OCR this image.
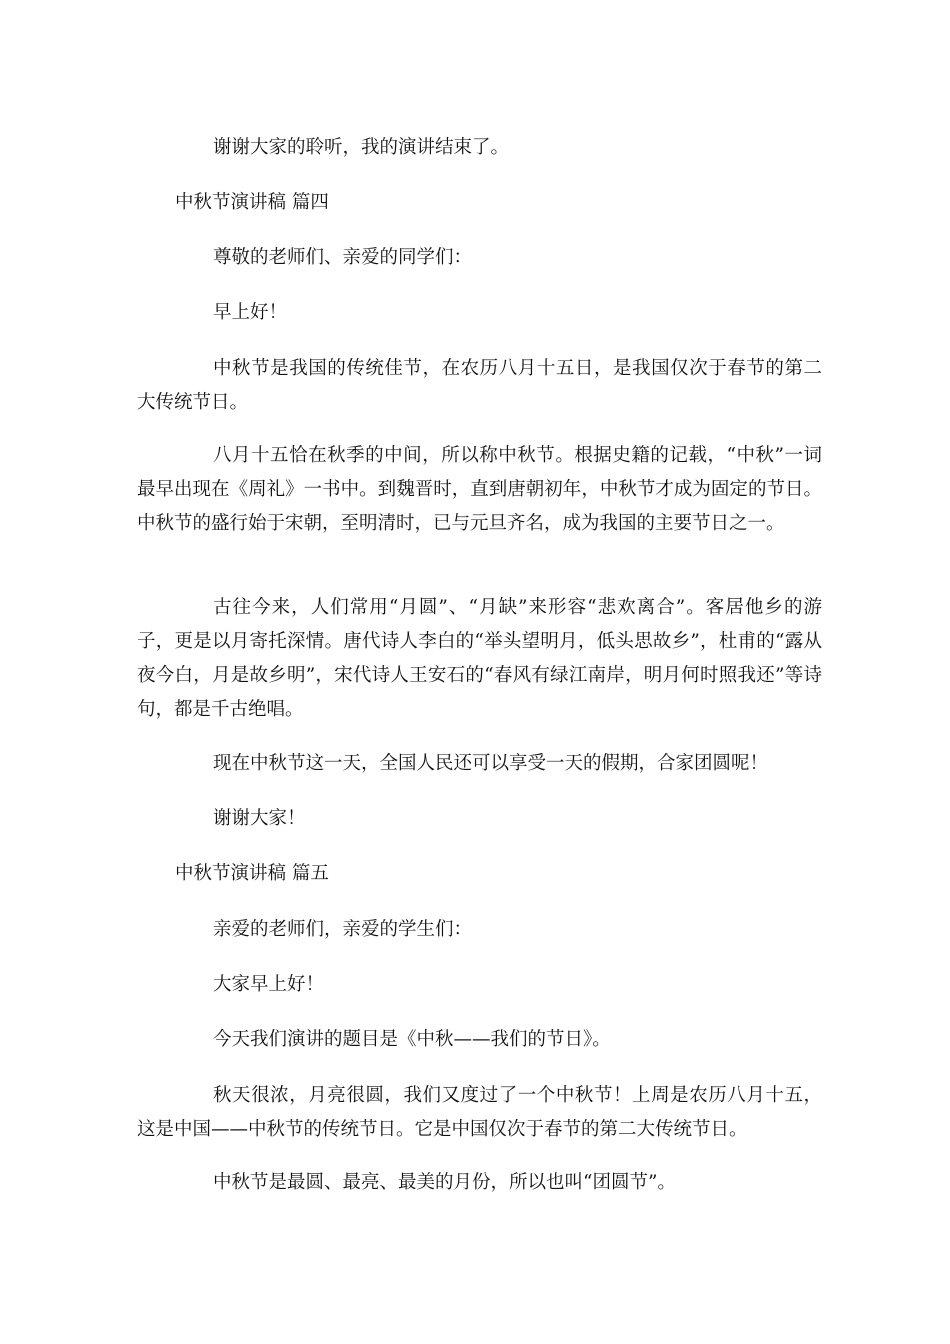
谢谢大家的聆听，我的演讲结束了。

中秋节演讲稿 篇四

尊敬的老师们、亲爱的同学们：

早上好！

中秋节是我国的传统佳节，在农历八月十五日，是我国仅次于春节的第二大传统节日。

八月十五恰在秋季的中间，所以称中秋节。根据史籍的记载，“中秋”一词最早出现在《周礼》一书中。到魏晋时，直到唐朝初年，中秋节才成为固定的节日。中秋节的盛行始于宋朝，至明清时，已与元旦齐名，成为我国的主要节日之一。

古往今来，人们常用“月圆”、“月缺”来形容“悲欢离合”。客居他乡的游子，更是以月寄托深情。唐代诗人李白的“举头望明月，低头思故乡”，杜甫的“露从夜今白，月是故乡明”，宋代诗人王安石的“春风有绿江南岸，明月何时照我还”等诗句，都是千古绝唱。

现在中秋节这一天，全国人民还可以享受一天的假期，合家团圆呢！

谢谢大家！

中秋节演讲稿 篇五

亲爱的老师们，亲爱的学生们：

大家早上好！

今天我们演讲的题目是《中秋——我们的节日》。

秋天很浓，月亮很圆，我们又度过了一个中秋节！上周是农历八月十五，这是中国——中秋节的传统节日。它是中国仅次于春节的第二大传统节日。

中秋节是最圆、最亮、最美的月份，所以也叫“团圆节”。
